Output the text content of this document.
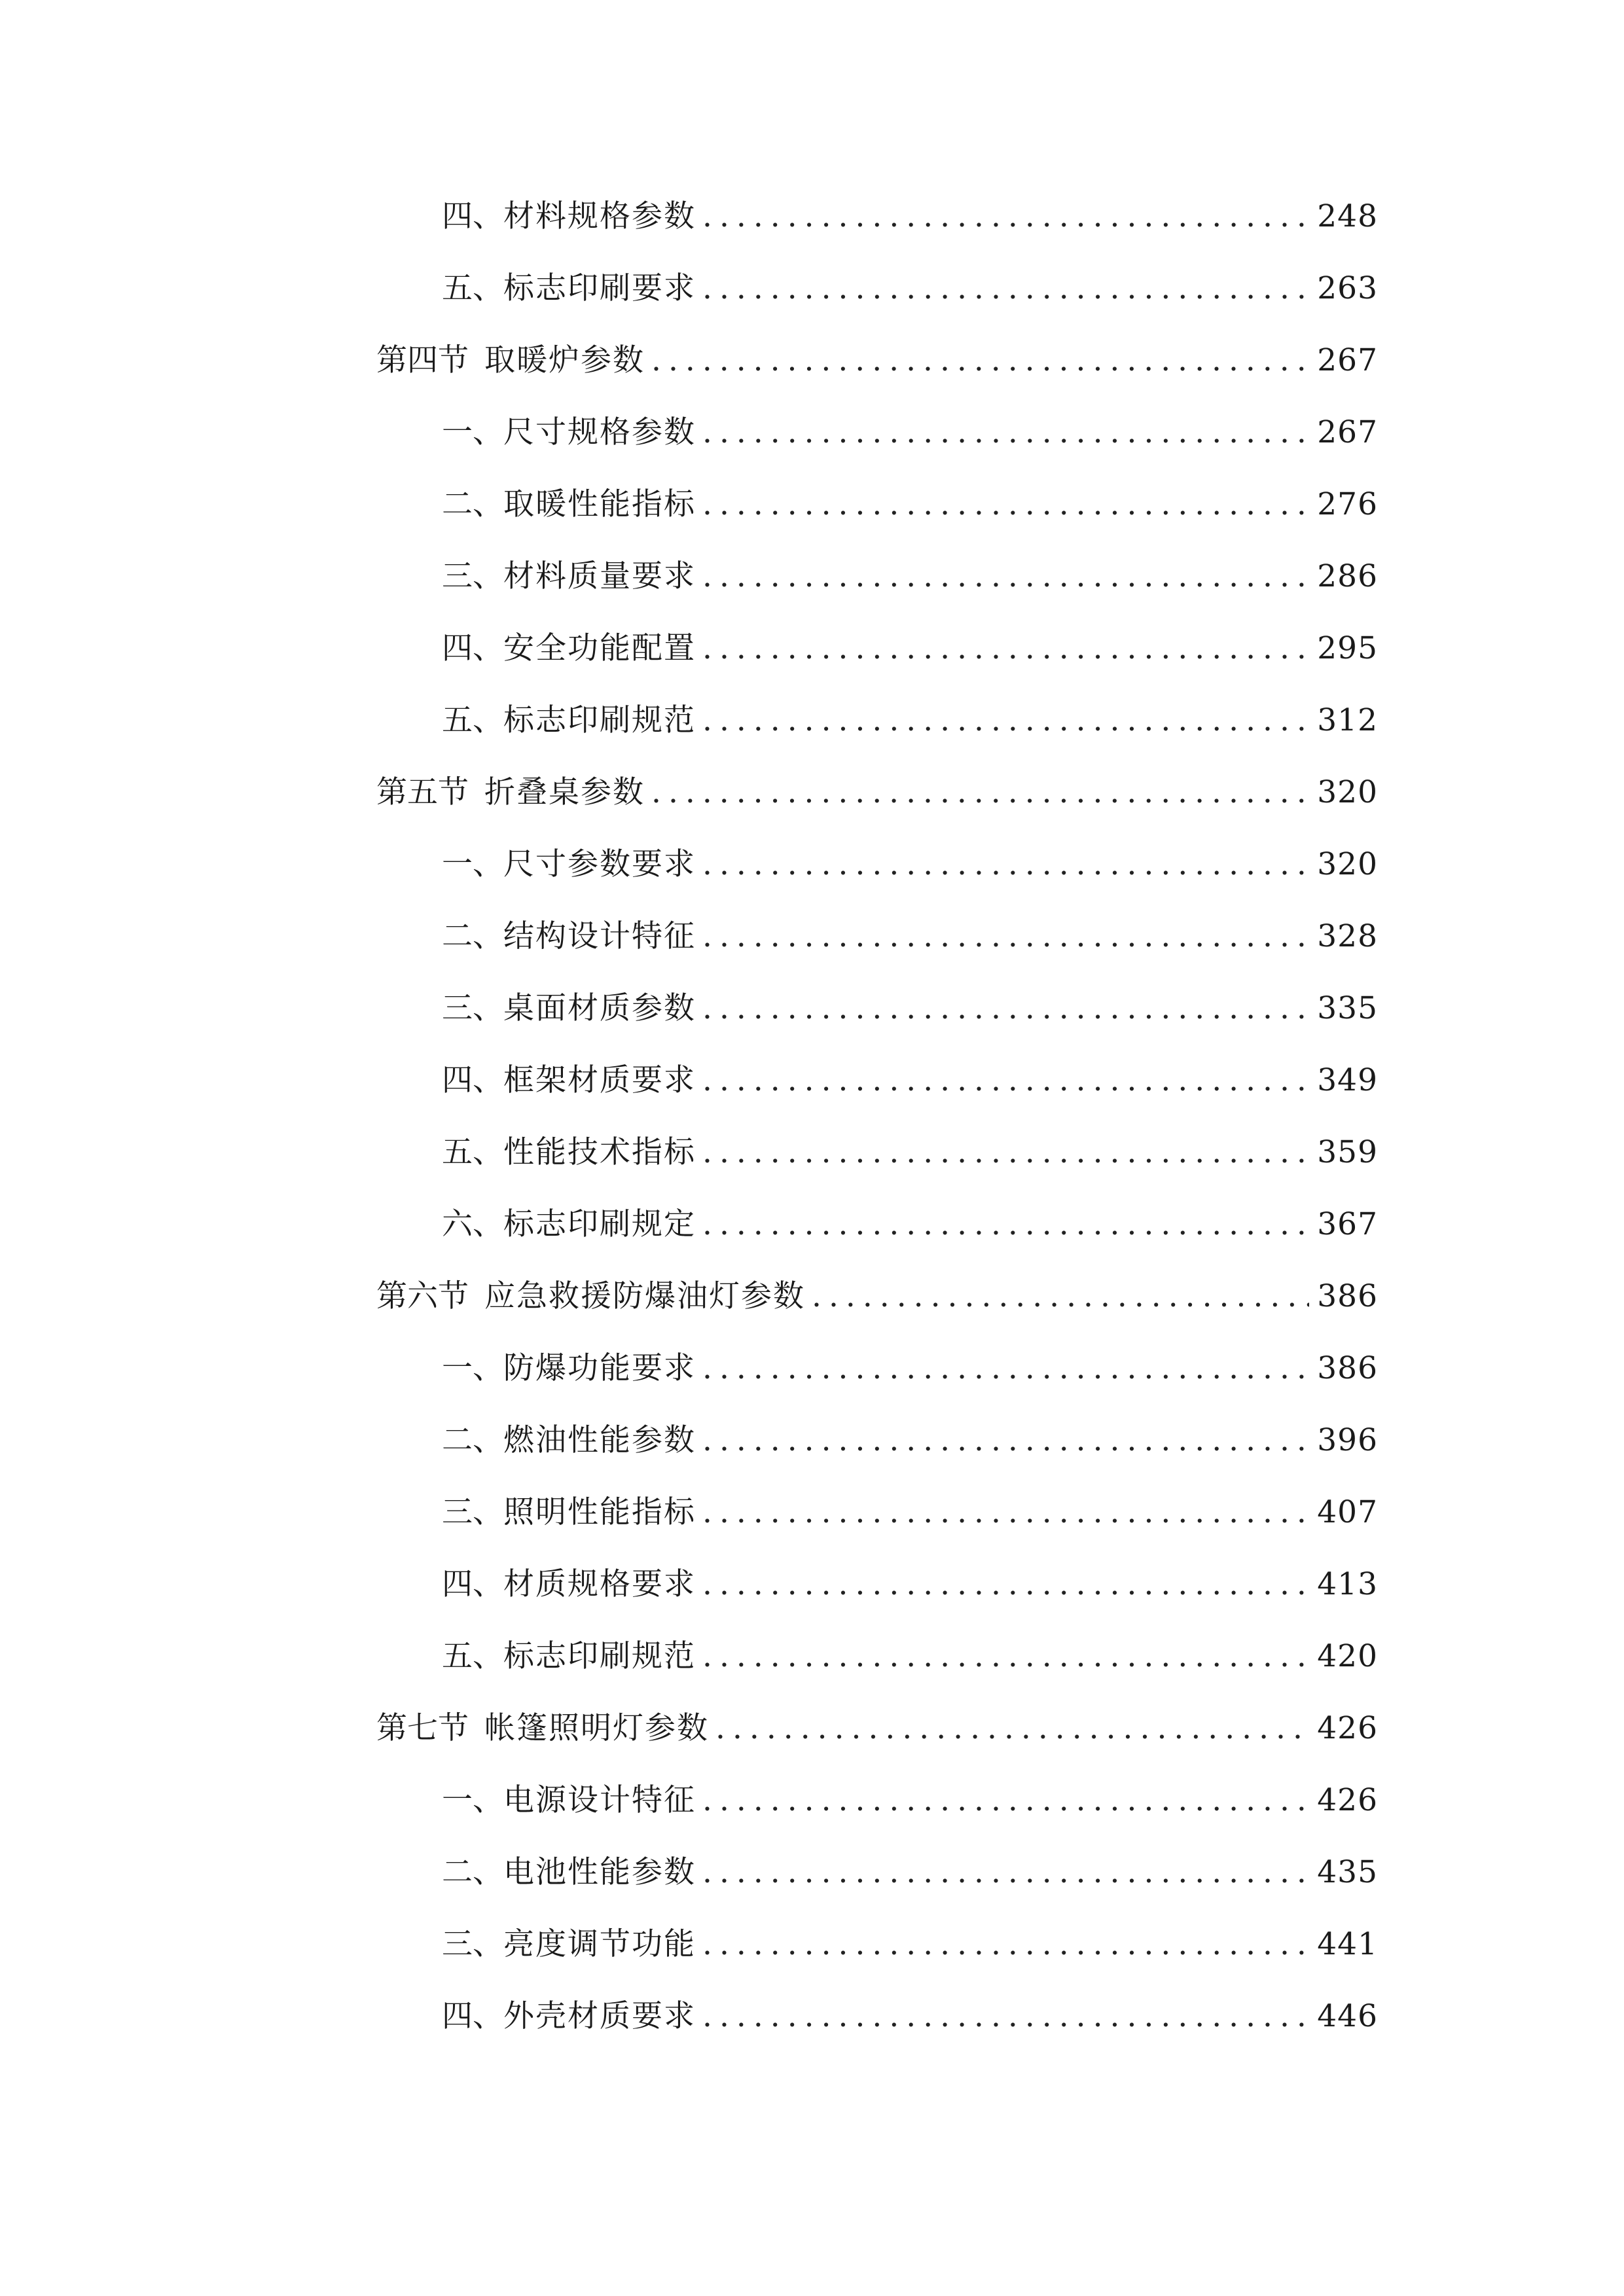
四、 材料规格参数 .....	248
五、 标志印刷要求 .....	263
第四节 取暖炉参数 .....	267
一、 尺寸规格参数 .....	267
二、 取暖性能指标 .....	276
三、 材料质量要求 .....	286
四、 安全功能配置 .....	295
五、 标志印刷规范 .....	312
第五节 折叠桌参数 .....	320
一、 尺寸参数要求 .....	320
二、 结构设计特征 .....	328
三、 桌面材质参数 .....	335
四、 框架材质要求 .....	349
五、 性能技术指标 .....	359
六、 标志印刷规定 .....	367
第六节 应急救援防爆油灯参数 .....	386
一、 防爆功能要求 .....	386
二、 燃油性能参数 .....	396
三、 照明性能指标 .....	407
四、 材质规格要求 .....	413
五、 标志印刷规范 .....	420
第七节 帐篷照明灯参数 .....	426
一、 电源设计特征 .....	426
二、 电池性能参数 .....	435
三、 亮度调节功能 .....	441
四、 外壳材质要求 .....	446
